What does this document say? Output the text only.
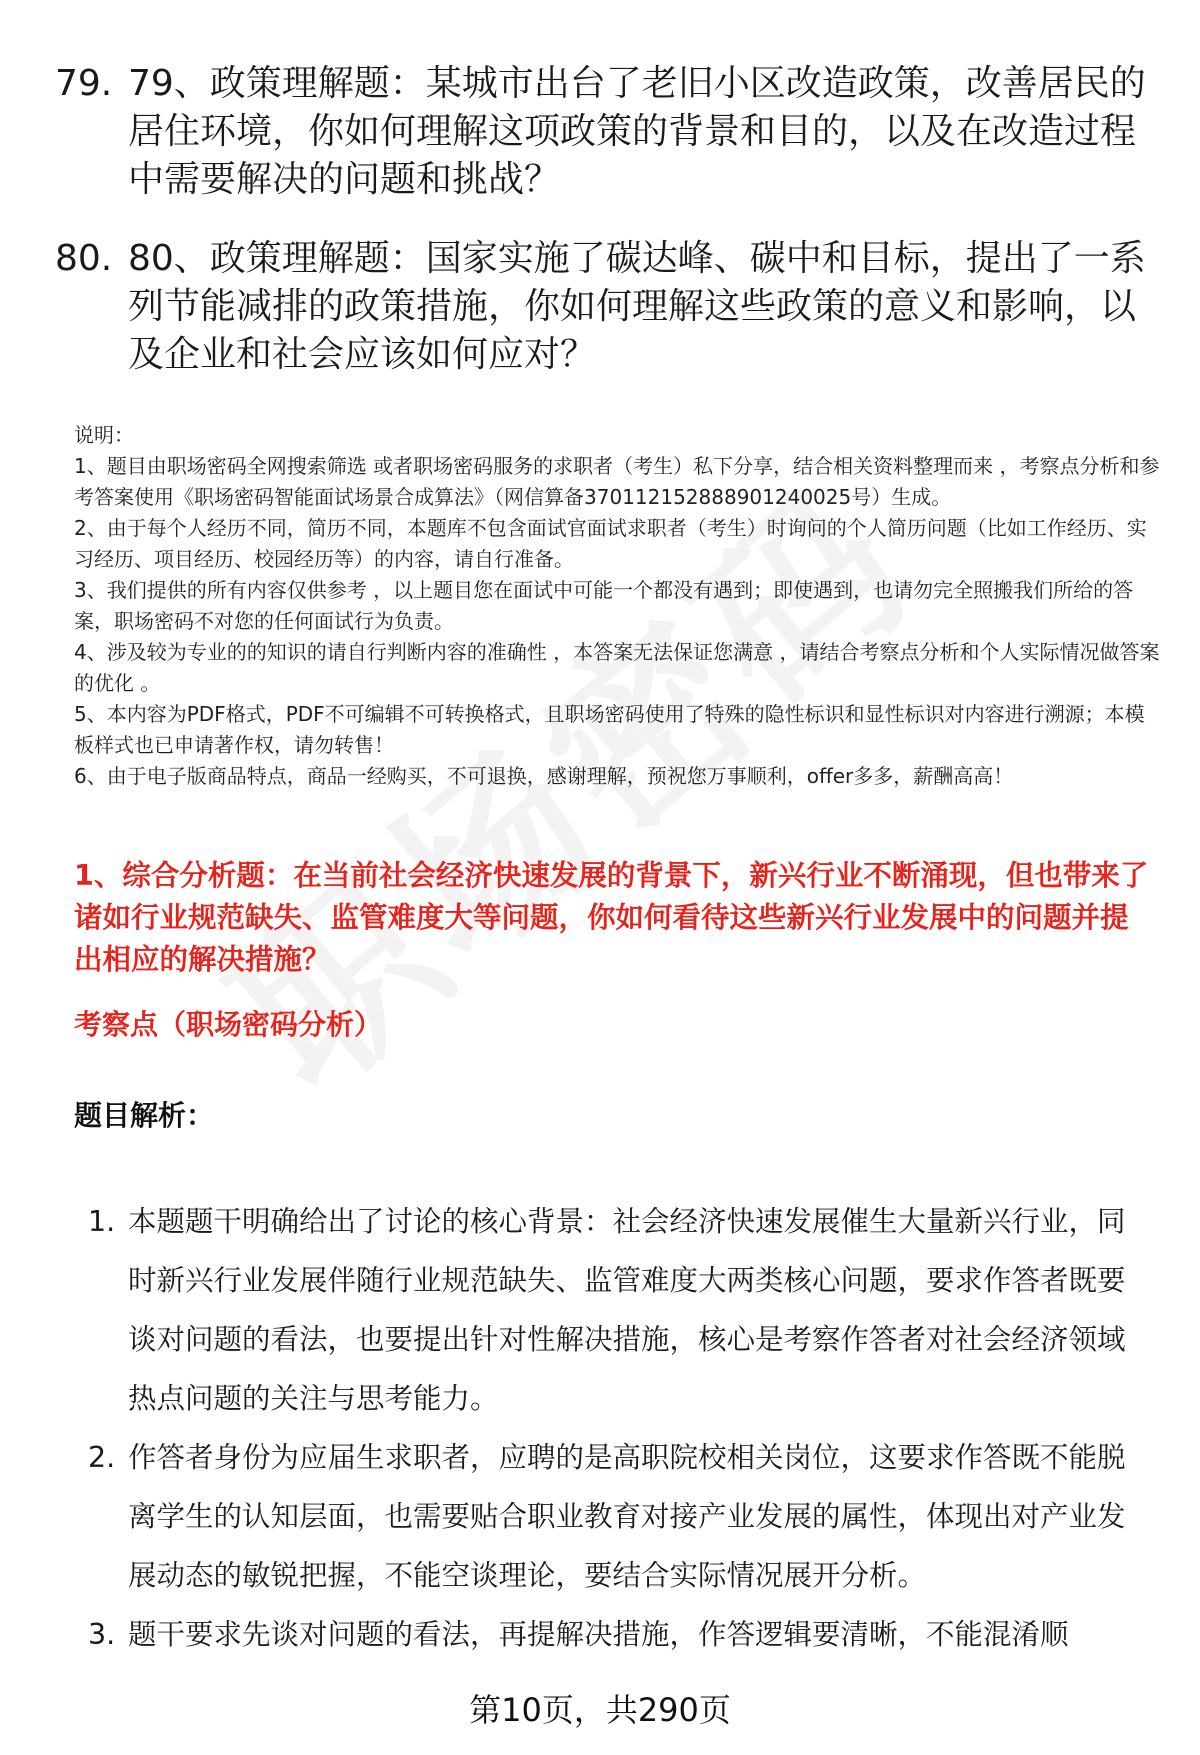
79. 79、政策理解题：某城市出台了老旧小区改造政策，改善居民的居住环境，你如何理解这项政策的背景和目的，以及在改造过程中需要解决的问题和挑战？
80. 80、政策理解题：国家实施了碳达峰、碳中和目标，提出了一系列节能减排的政策措施，你如何理解这些政策的意义和影响，以及企业和社会应该如何应对？

说明：

1、题目由职场密码全网搜索筛选 或者职场密码服务的求职者（考生）私下分享，结合相关资料整理而来 ，考察点分析和参考答案使用《职场密码智能面试场景合成算法》（网信算备370112152888901240025号）生成。

2、由于每个人经历不同，简历不同，本题库不包含面试官面试求职者（考生）时询问的个人简历问题（比如工作经历、实习经历、项目经历、校园经历等）的内容，请自行准备。

3、我们提供的所有内容仅供参考 ，以上题目您在面试中可能一个都没有遇到；即使遇到，也请勿完全照搬我们所给的答案，职场密码不对您的任何面试行为负责。

4、涉及较为专业的的知识的请自行判断内容的准确性 ，本答案无法保证您满意 ，请结合考察点分析和个人实际情况做答案的优化 。

5、本内容为PDF格式，PDF不可编辑不可转换格式，且职场密码使用了特殊的隐性标识和显性标识对内容进行溯源；本模板样式也已申请著作权，请勿转售！

6、由于电子版商品特点，商品一经购买，不可退换，感谢理解，预祝您万事顺利，offer多多，薪酬高高！

1、综合分析题：在当前社会经济快速发展的背景下，新兴行业不断涌现，但也带来了诸如行业规范缺失、监管难度大等问题，你如何看待这些新兴行业发展中的问题并提出相应的解决措施？
考察点（职场密码分析）
题目解析：
1. 本题题干明确给出了讨论的核心背景：社会经济快速发展催生大量新兴行业，同时新兴行业发展伴随行业规范缺失、监管难度大两类核心问题，要求作答者既要谈对问题的看法，也要提出针对性解决措施，核心是考察作答者对社会经济领域热点问题的关注与思考能力。
2. 作答者身份为应届生求职者，应聘的是高职院校相关岗位，这要求作答既不能脱离学生的认知层面，也需要贴合职业教育对接产业发展的属性，体现出对产业发展动态的敏锐把握，不能空谈理论，要结合实际情况展开分析。
3. 题干要求先谈对问题的看法，再提解决措施，作答逻辑要清晰，不能混淆顺
第10页，共290页
